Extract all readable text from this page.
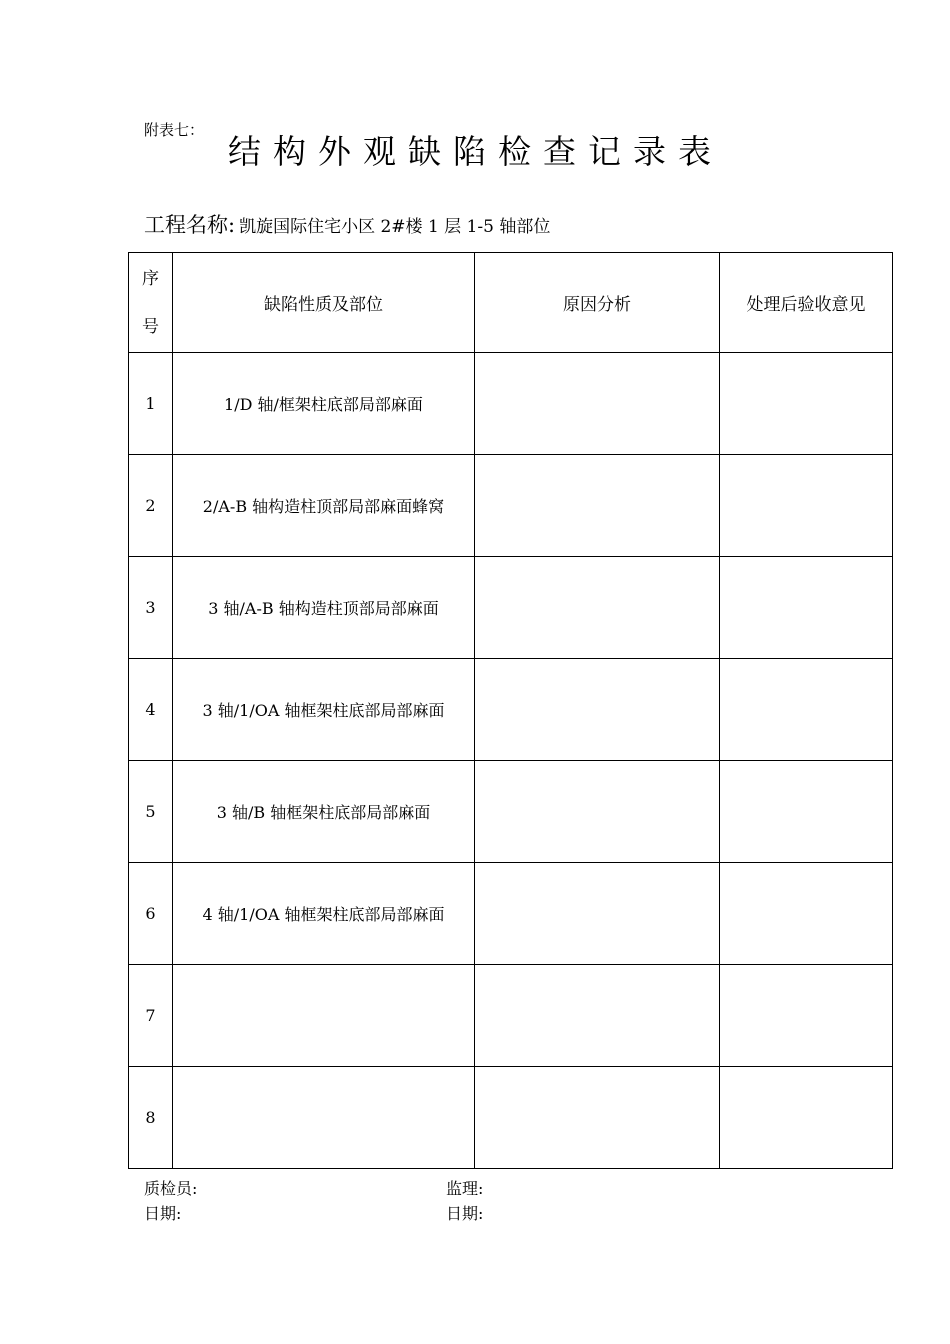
附表七：
结构外观缺陷检查记录表
工程名称: 凯旋国际住宅小区 2#楼 1 层 1-5 轴部位
序
号	缺陷性质及部位	原因分析	处理后验收意见
1	1/D 轴/框架柱底部局部麻面		
2	2/A-B 轴构造柱顶部局部麻面蜂窝		
3	3 轴/A-B 轴构造柱顶部局部麻面		
4	3 轴/1/OA 轴框架柱底部局部麻面		
5	3 轴/B 轴框架柱底部局部麻面		
6	4 轴/1/OA 轴框架柱底部局部麻面		
7			
8			
质检员:	监理:
日期:	日期:
